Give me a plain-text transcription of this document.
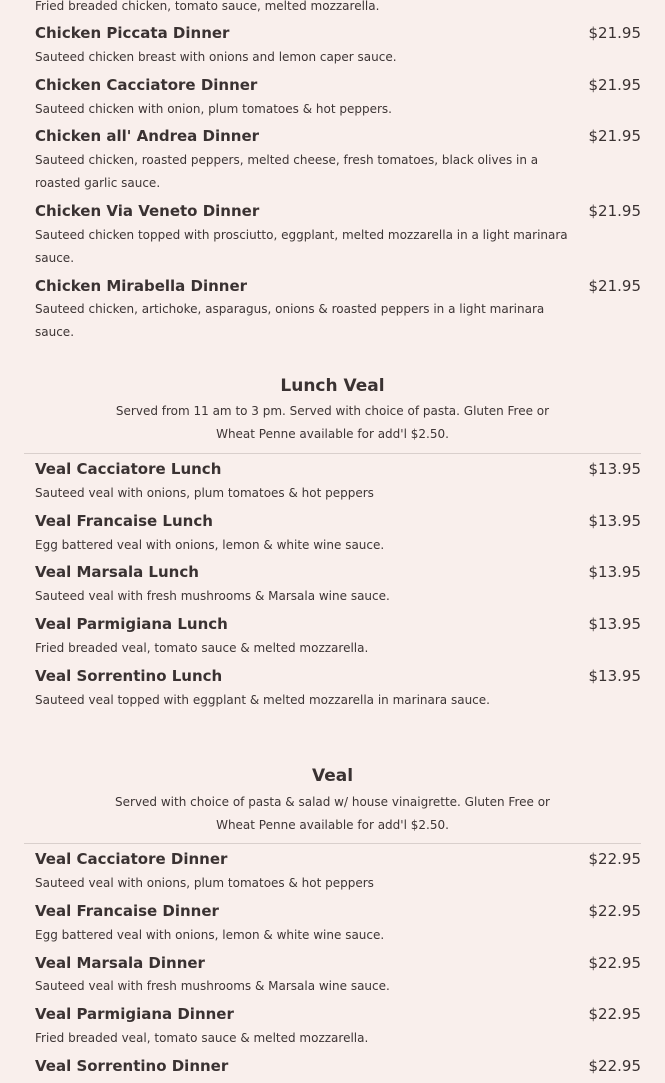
Fried breaded chicken, tomato sauce, melted mozzarella.
Chicken Piccata Dinner	$21.95
Sauteed chicken breast with onions and lemon caper sauce.
Chicken Cacciatore Dinner	$21.95
Sauteed chicken with onion, plum tomatoes & hot peppers.
Chicken all' Andrea Dinner	$21.95
Sauteed chicken, roasted peppers, melted cheese, fresh tomatoes, black olives in a roasted garlic sauce.
Chicken Via Veneto Dinner	$21.95
Sauteed chicken topped with prosciutto, eggplant, melted mozzarella in a light marinara sauce.
Chicken Mirabella Dinner	$21.95
Sauteed chicken, artichoke, asparagus, onions & roasted peppers in a light marinara sauce.
Lunch Veal
Served from 11 am to 3 pm. Served with choice of pasta. Gluten Free or Wheat Penne available for add'l $2.50.
Veal Cacciatore Lunch	$13.95
Sauteed veal with onions, plum tomatoes & hot peppers
Veal Francaise Lunch	$13.95
Egg battered veal with onions, lemon & white wine sauce.
Veal Marsala Lunch	$13.95
Sauteed veal with fresh mushrooms & Marsala wine sauce.
Veal Parmigiana Lunch	$13.95
Fried breaded veal, tomato sauce & melted mozzarella.
Veal Sorrentino Lunch	$13.95
Sauteed veal topped with eggplant & melted mozzarella in marinara sauce.
Veal
Served with choice of pasta & salad w/ house vinaigrette. Gluten Free or Wheat Penne available for add'l $2.50.
Veal Cacciatore Dinner	$22.95
Sauteed veal with onions, plum tomatoes & hot peppers
Veal Francaise Dinner	$22.95
Egg battered veal with onions, lemon & white wine sauce.
Veal Marsala Dinner	$22.95
Sauteed veal with fresh mushrooms & Marsala wine sauce.
Veal Parmigiana Dinner	$22.95
Fried breaded veal, tomato sauce & melted mozzarella.
Veal Sorrentino Dinner	$22.95
